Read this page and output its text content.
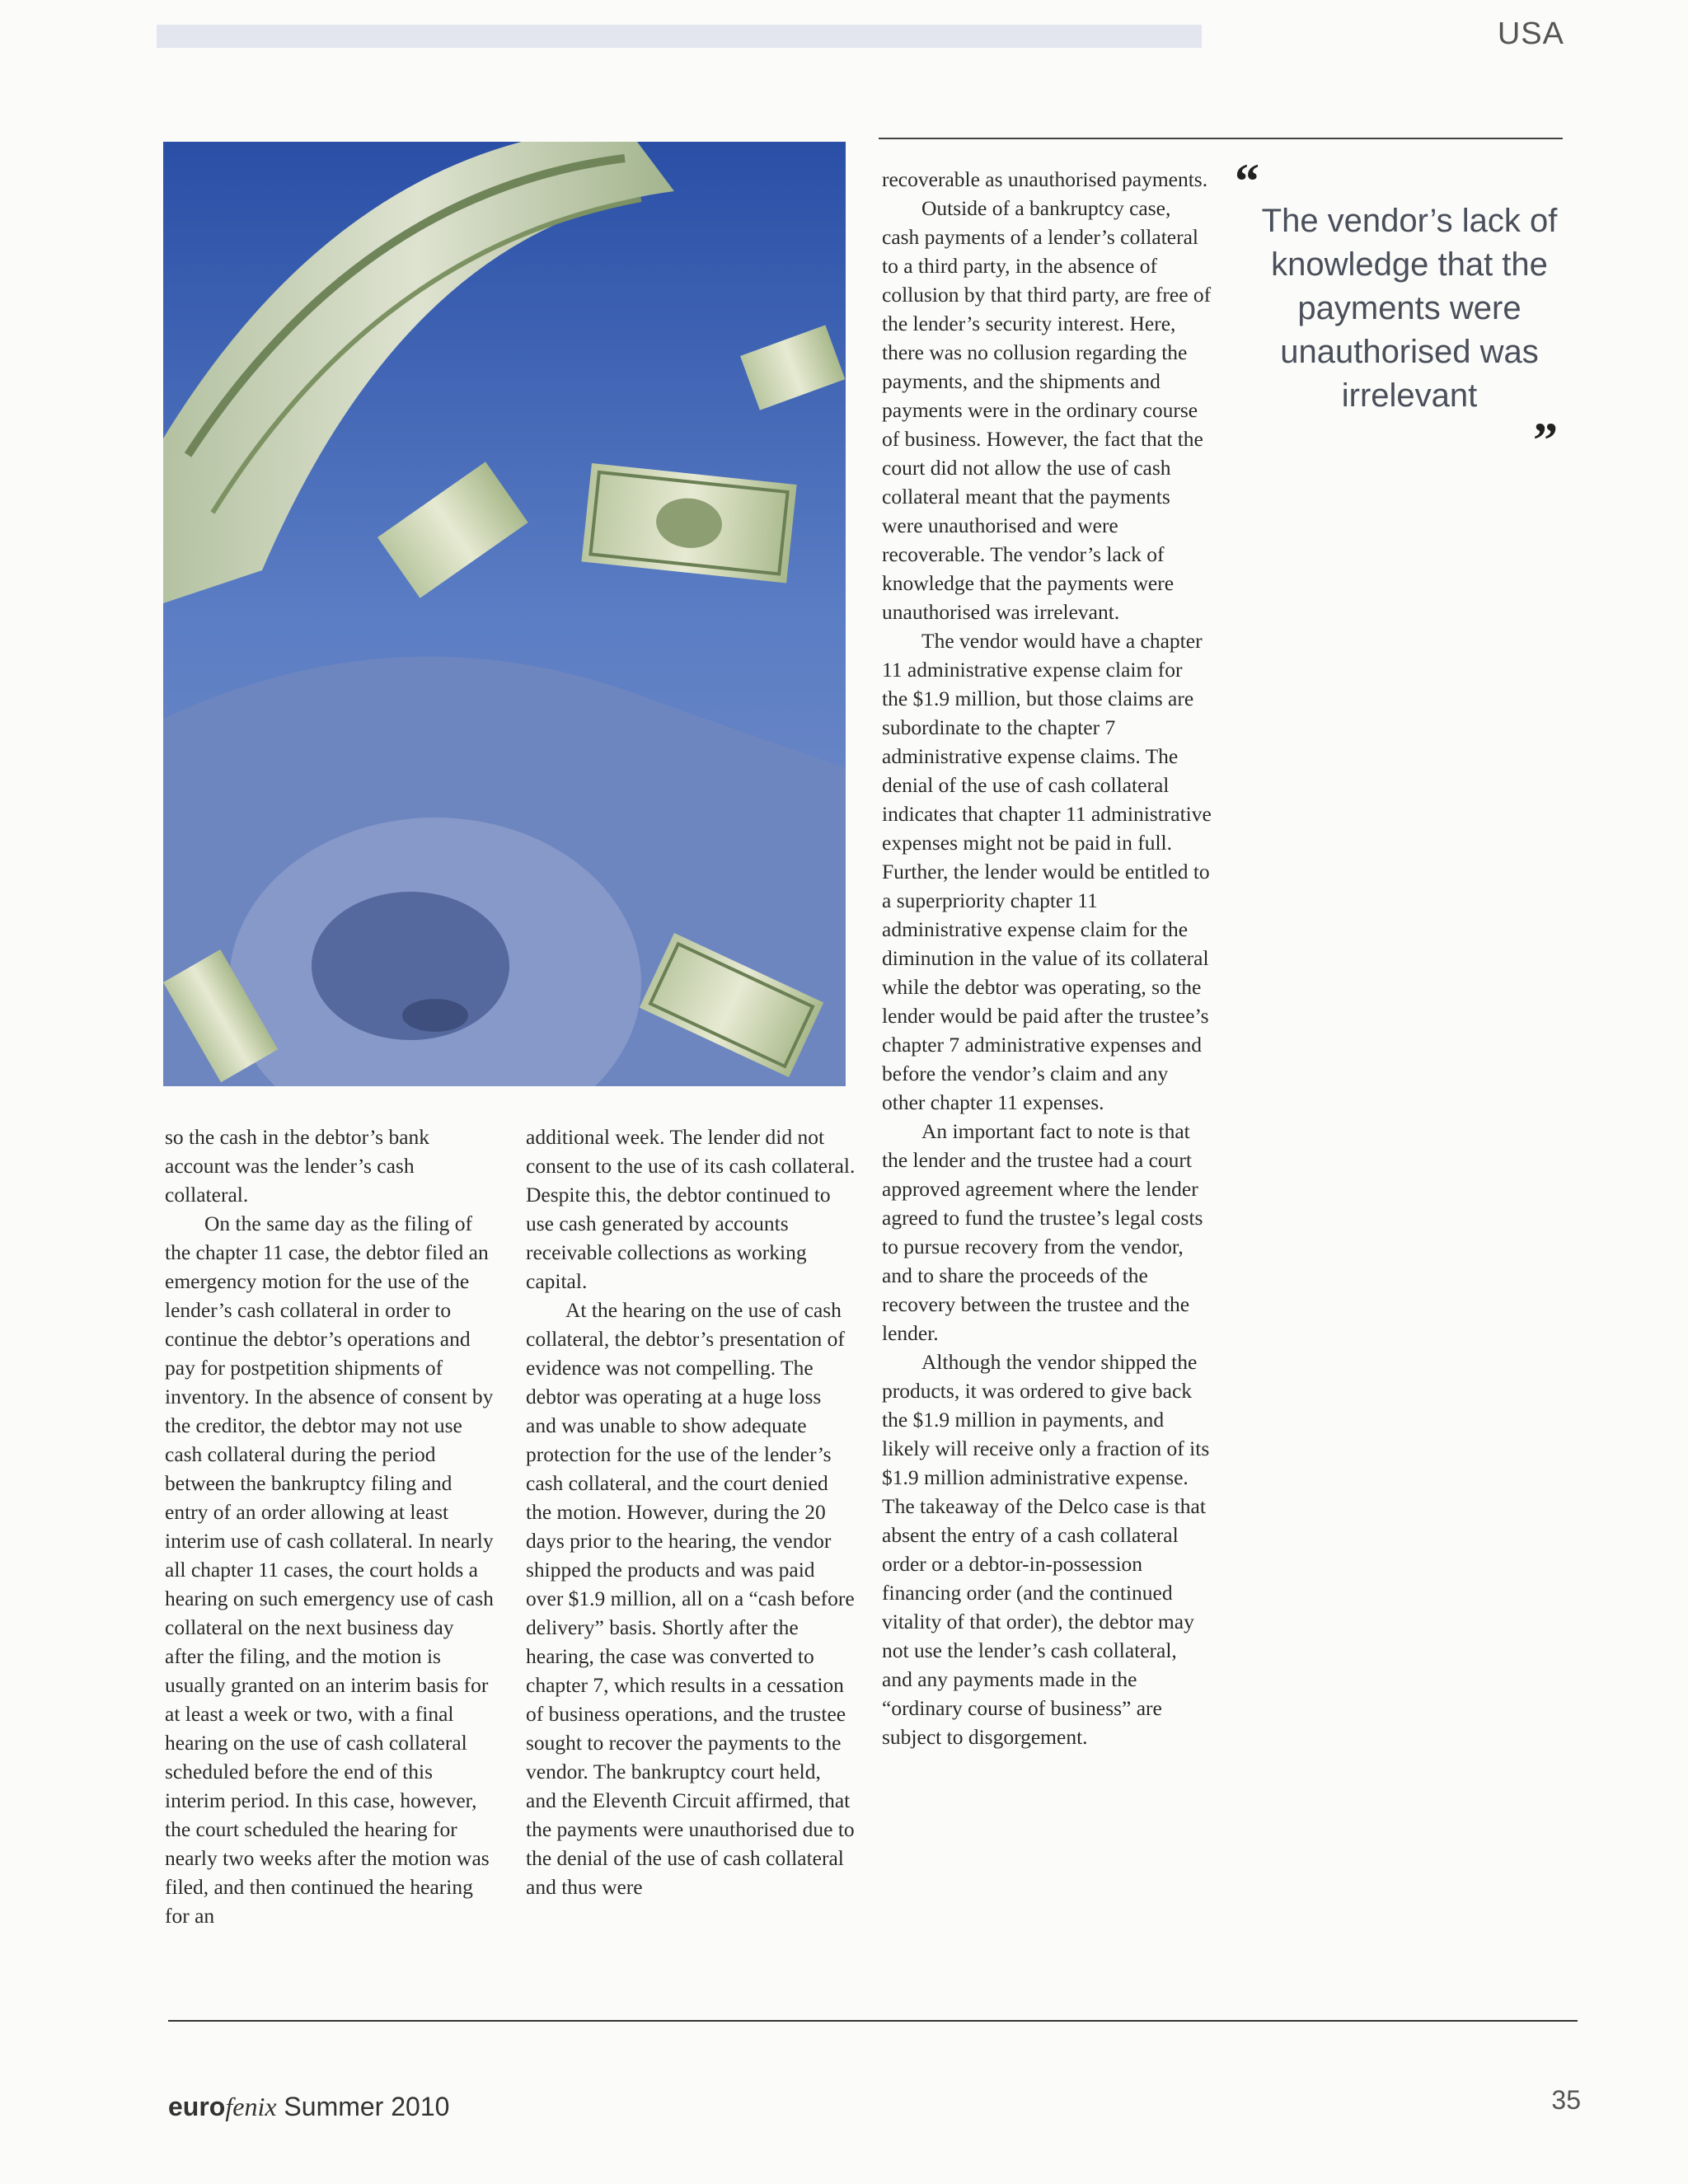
USA

so the cash in the debtor’s bank account was the lender’s cash collateral.

On the same day as the filing of the chapter 11 case, the debtor filed an emergency motion for the use of the lender’s cash collateral in order to continue the debtor’s operations and pay for postpetition shipments of inventory. In the absence of consent by the creditor, the debtor may not use cash collateral during the period between the bankruptcy filing and entry of an order allowing at least interim use of cash collateral. In nearly all chapter 11 cases, the court holds a hearing on such emergency use of cash collateral on the next business day after the filing, and the motion is usually granted on an interim basis for at least a week or two, with a final hearing on the use of cash collateral scheduled before the end of this interim period. In this case, however, the court scheduled the hearing for nearly two weeks after the motion was filed, and then continued the hearing for an

additional week. The lender did not consent to the use of its cash collateral. Despite this, the debtor continued to use cash generated by accounts receivable collections as working capital.

At the hearing on the use of cash collateral, the debtor’s presentation of evidence was not compelling. The debtor was operating at a huge loss and was unable to show adequate protection for the use of the lender’s cash collateral, and the court denied the motion. However, during the 20 days prior to the hearing, the vendor shipped the products and was paid over $1.9 million, all on a “cash before delivery” basis. Shortly after the hearing, the case was converted to chapter 7, which results in a cessation of business operations, and the trustee sought to recover the payments to the vendor. The bankruptcy court held, and the Eleventh Circuit affirmed, that the payments were unauthorised due to the denial of the use of cash collateral and thus were

recoverable as unauthorised payments.

Outside of a bankruptcy case, cash payments of a lender’s collateral to a third party, in the absence of collusion by that third party, are free of the lender’s security interest. Here, there was no collusion regarding the payments, and the shipments and payments were in the ordinary course of business. However, the fact that the court did not allow the use of cash collateral meant that the payments were unauthorised and were recoverable. The vendor’s lack of knowledge that the payments were unauthorised was irrelevant.

The vendor would have a chapter 11 administrative expense claim for the $1.9 million, but those claims are subordinate to the chapter 7 administrative expense claims. The denial of the use of cash collateral indicates that chapter 11 administrative expenses might not be paid in full. Further, the lender would be entitled to a superpriority chapter 11 administrative expense claim for the diminution in the value of its collateral while the debtor was operating, so the lender would be paid after the trustee’s chapter 7 administrative expenses and before the vendor’s claim and any other chapter 11 expenses.

An important fact to note is that the lender and the trustee had a court approved agreement where the lender agreed to fund the trustee’s legal costs to pursue recovery from the vendor, and to share the proceeds of the recovery between the trustee and the lender.

Although the vendor shipped the products, it was ordered to give back the $1.9 million in payments, and likely will receive only a fraction of its $1.9 million administrative expense. The takeaway of the Delco case is that absent the entry of a cash collateral order or a debtor-in-possession financing order (and the continued vitality of that order), the debtor may not use the lender’s cash collateral, and any payments made in the “ordinary course of business” are subject to disgorgement.

“
The vendor’s lack of knowledge that the payments were unauthorised was irrelevant
”
eurofenix Summer 2010	35
